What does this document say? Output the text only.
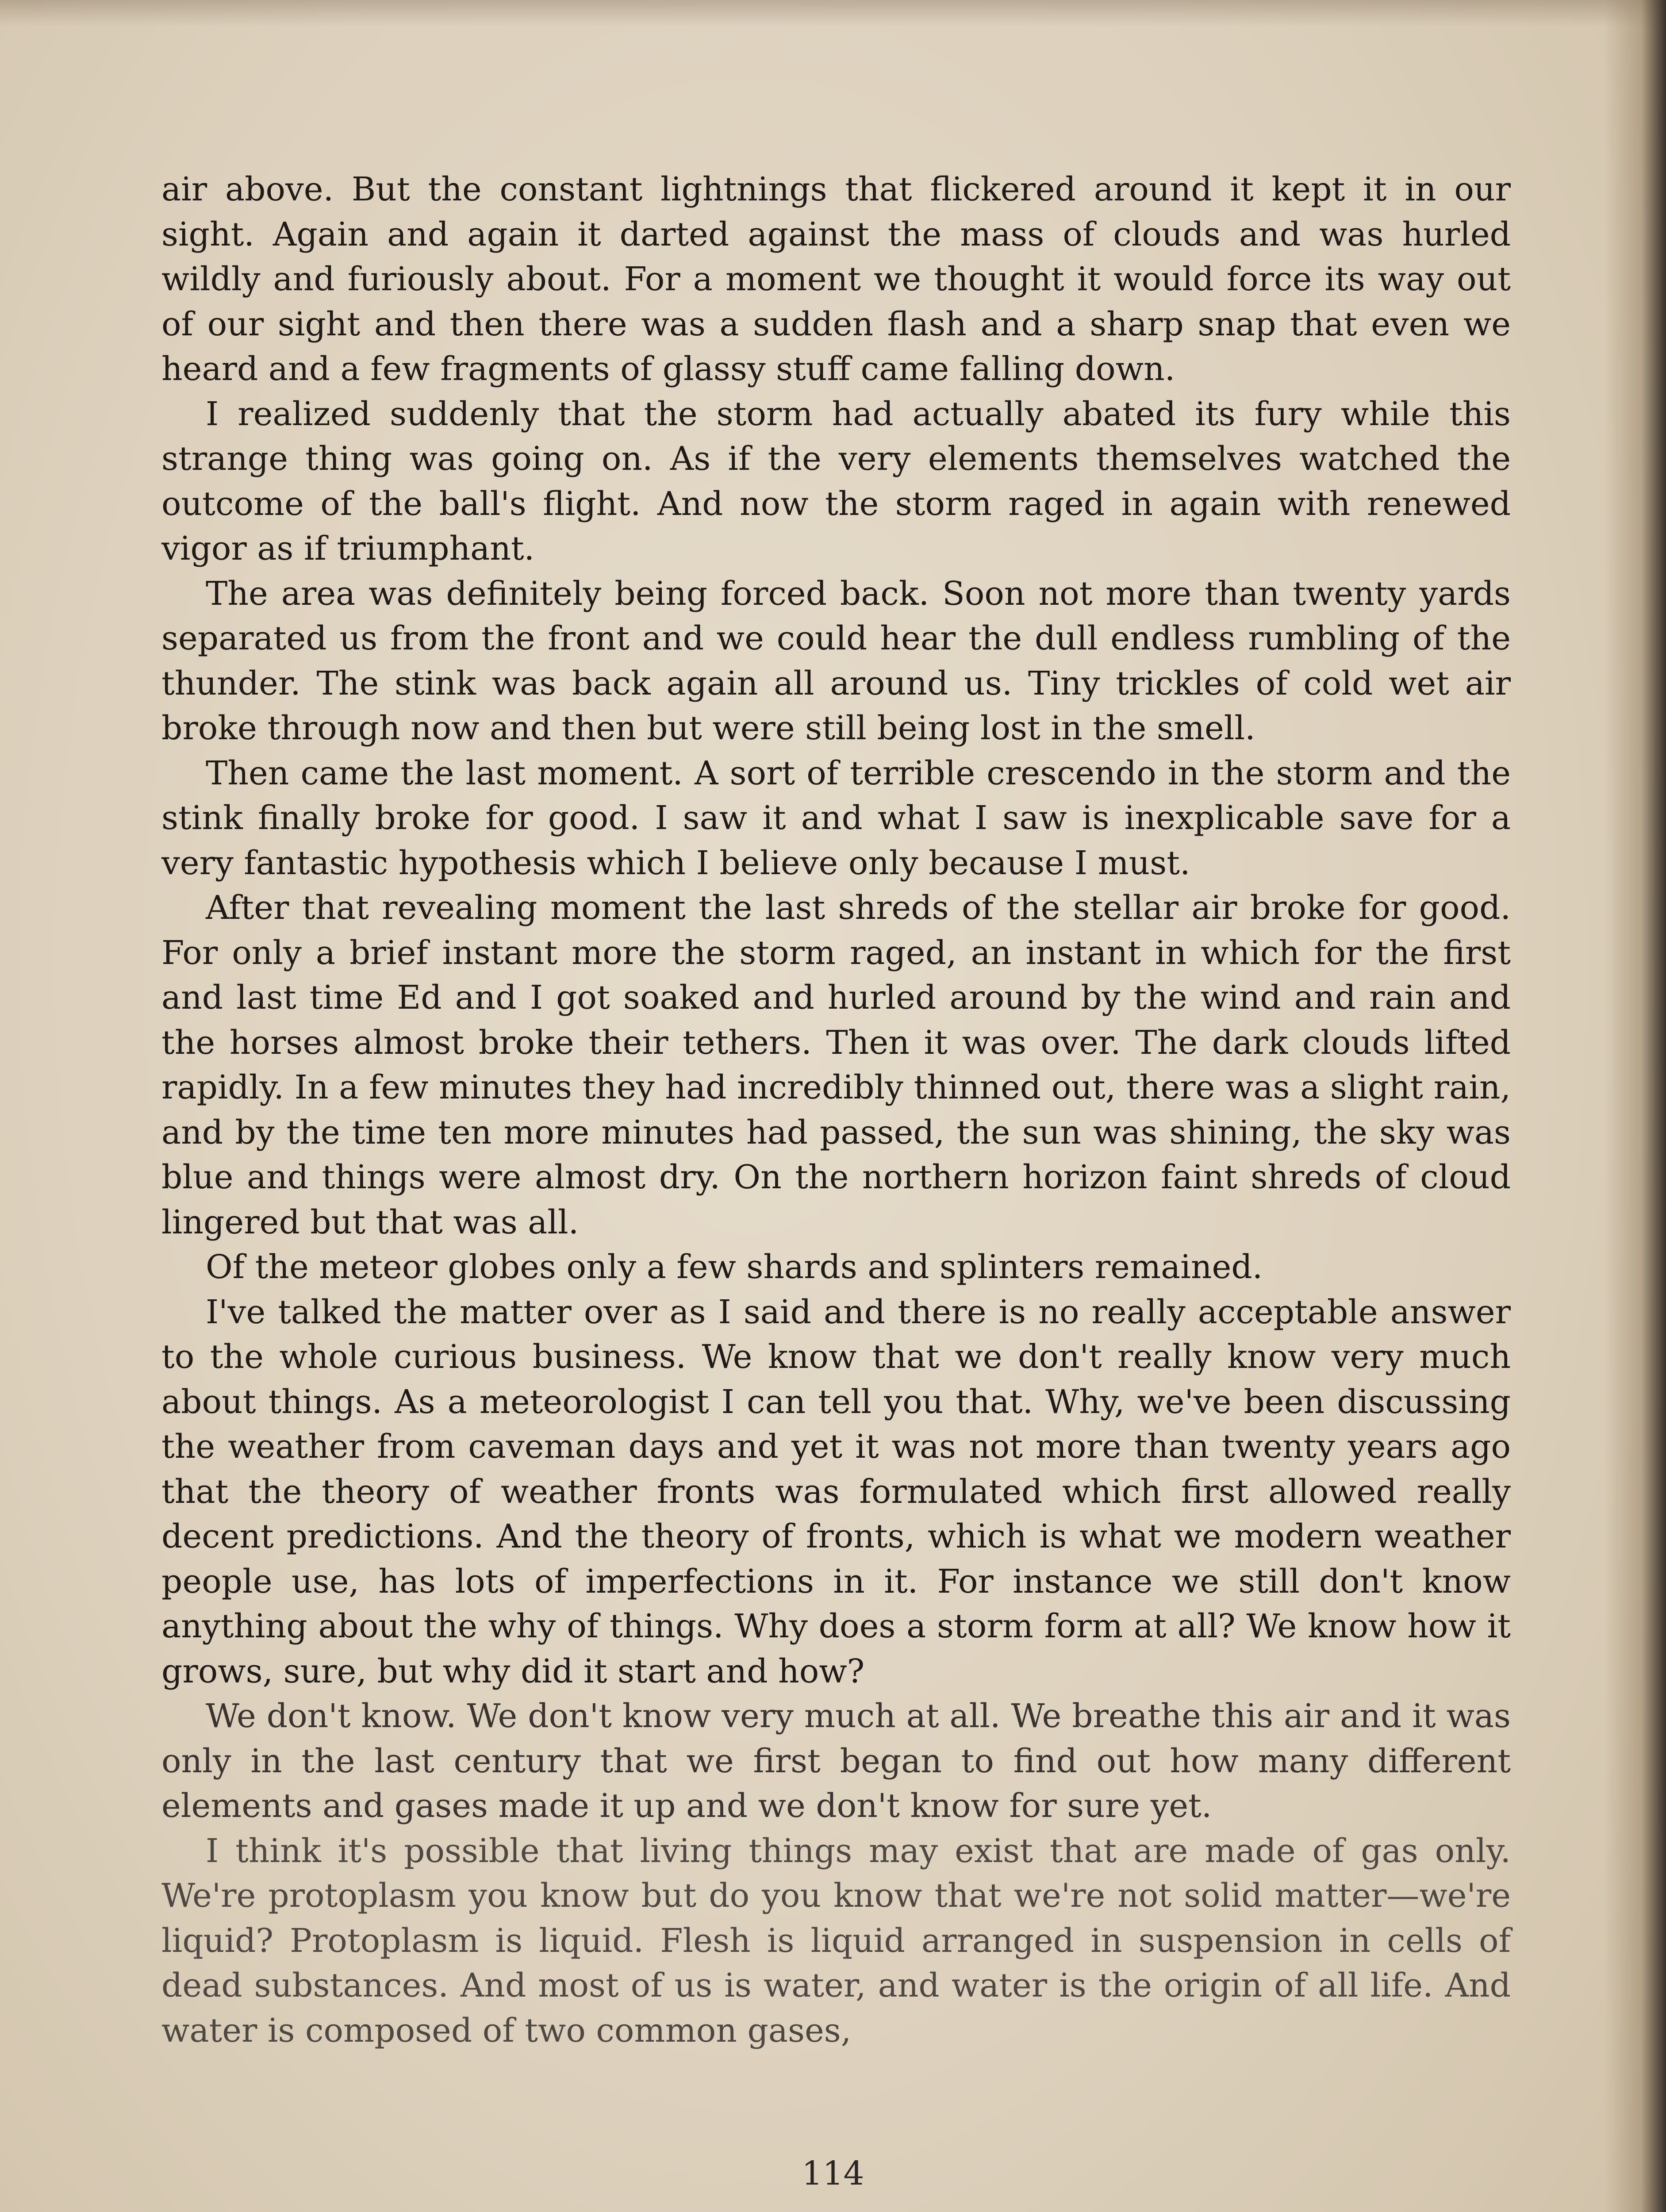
air above. But the constant lightnings that flickered around it kept it in our sight. Again and again it darted against the mass of clouds and was hurled wildly and furiously about. For a moment we thought it would force its way out of our sight and then there was a sudden flash and a sharp snap that even we heard and a few fragments of glassy stuff came falling down.

I realized suddenly that the storm had actually abated its fury while this strange thing was going on. As if the very elements themselves watched the outcome of the ball's flight. And now the storm raged in again with renewed vigor as if triumphant.

The area was definitely being forced back. Soon not more than twenty yards separated us from the front and we could hear the dull endless rumbling of the thunder. The stink was back again all around us. Tiny trickles of cold wet air broke through now and then but were still being lost in the smell.

Then came the last moment. A sort of terrible crescendo in the storm and the stink finally broke for good. I saw it and what I saw is inexplicable save for a very fantastic hypothesis which I believe only because I must.

After that revealing moment the last shreds of the stellar air broke for good. For only a brief instant more the storm raged, an instant in which for the first and last time Ed and I got soaked and hurled around by the wind and rain and the horses almost broke their tethers. Then it was over. The dark clouds lifted rapidly. In a few minutes they had incredibly thinned out, there was a slight rain, and by the time ten more minutes had passed, the sun was shining, the sky was blue and things were almost dry. On the northern horizon faint shreds of cloud lingered but that was all.

Of the meteor globes only a few shards and splinters remained.

I've talked the matter over as I said and there is no really acceptable answer to the whole curious business. We know that we don't really know very much about things. As a meteorologist I can tell you that. Why, we've been discussing the weather from caveman days and yet it was not more than twenty years ago that the theory of weather fronts was formulated which first allowed really decent predictions. And the theory of fronts, which is what we modern weather people use, has lots of imperfections in it. For instance we still don't know anything about the why of things. Why does a storm form at all? We know how it grows, sure, but why did it start and how?

We don't know. We don't know very much at all. We breathe this air and it was only in the last century that we first began to find out how many different elements and gases made it up and we don't know for sure yet.

I think it's possible that living things may exist that are made of gas only. We're protoplasm you know but do you know that we're not solid matter—we're liquid? Protoplasm is liquid. Flesh is liquid arranged in suspension in cells of dead substances. And most of us is water, and water is the origin of all life. And water is composed of two common gases,

114
